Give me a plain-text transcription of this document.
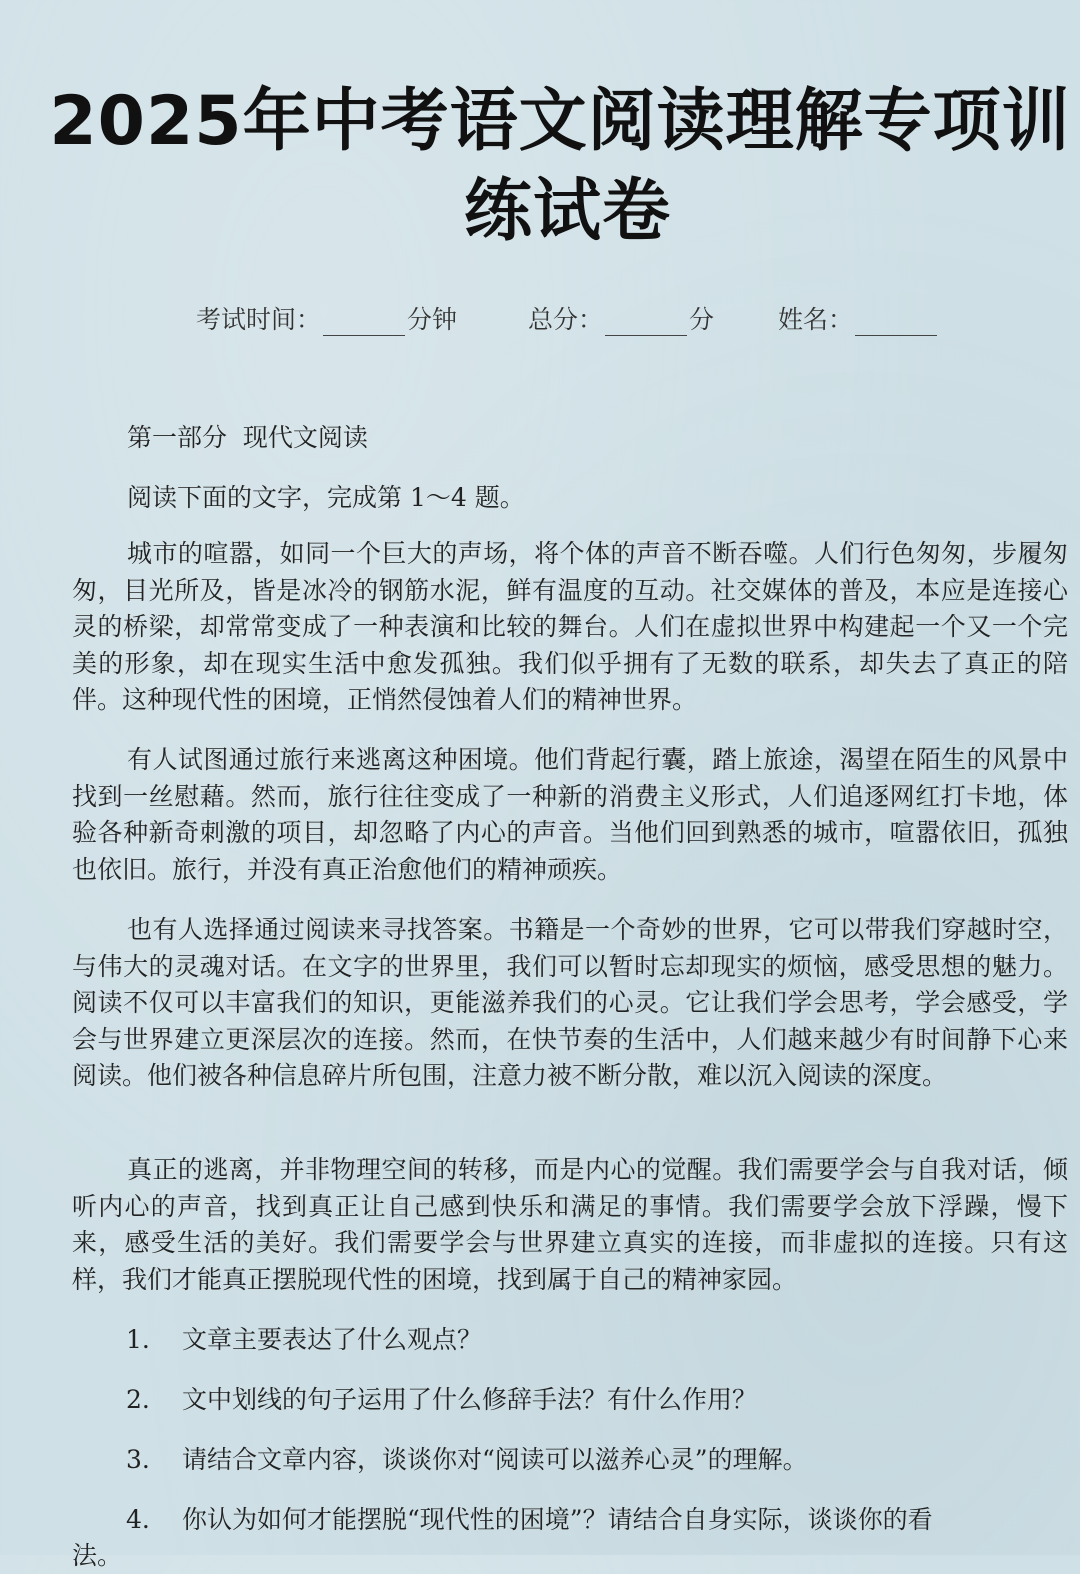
2025年中考语文阅读理解专项训
练试卷
考试时间：	分钟	总分：	分	姓名：
第一部分  现代文阅读
阅读下面的文字，完成第 1～4 题。

城市的喧嚣，如同一个巨大的声场，将个体的声音不断吞噬。人们行色匆匆，步履匆匆，目光所及，皆是冰冷的钢筋水泥，鲜有温度的互动。社交媒体的普及，本应是连接心灵的桥梁，却常常变成了一种表演和比较的舞台。人们在虚拟世界中构建起一个又一个完美的形象，却在现实生活中愈发孤独。我们似乎拥有了无数的联系，却失去了真正的陪伴。这种现代性的困境，正悄然侵蚀着人们的精神世界。

有人试图通过旅行来逃离这种困境。他们背起行囊，踏上旅途，渴望在陌生的风景中找到一丝慰藉。然而，旅行往往变成了一种新的消费主义形式，人们追逐网红打卡地，体验各种新奇刺激的项目，却忽略了内心的声音。当他们回到熟悉的城市，喧嚣依旧，孤独也依旧。旅行，并没有真正治愈他们的精神顽疾。

也有人选择通过阅读来寻找答案。书籍是一个奇妙的世界，它可以带我们穿越时空，与伟大的灵魂对话。在文字的世界里，我们可以暂时忘却现实的烦恼，感受思想的魅力。阅读不仅可以丰富我们的知识，更能滋养我们的心灵。它让我们学会思考，学会感受，学会与世界建立更深层次的连接。然而，在快节奏的生活中，人们越来越少有时间静下心来阅读。他们被各种信息碎片所包围，注意力被不断分散，难以沉入阅读的深度。

真正的逃离，并非物理空间的转移，而是内心的觉醒。我们需要学会与自我对话，倾听内心的声音，找到真正让自己感到快乐和满足的事情。我们需要学会放下浮躁，慢下来，感受生活的美好。我们需要学会与世界建立真实的连接，而非虚拟的连接。只有这样，我们才能真正摆脱现代性的困境，找到属于自己的精神家园。

1. 文章主要表达了什么观点？
2. 文中划线的句子运用了什么修辞手法？有什么作用？
3. 请结合文章内容，谈谈你对“阅读可以滋养心灵”的理解。
4. 你认为如何才能摆脱“现代性的困境”？请结合自身实际，谈谈你的看
法。
